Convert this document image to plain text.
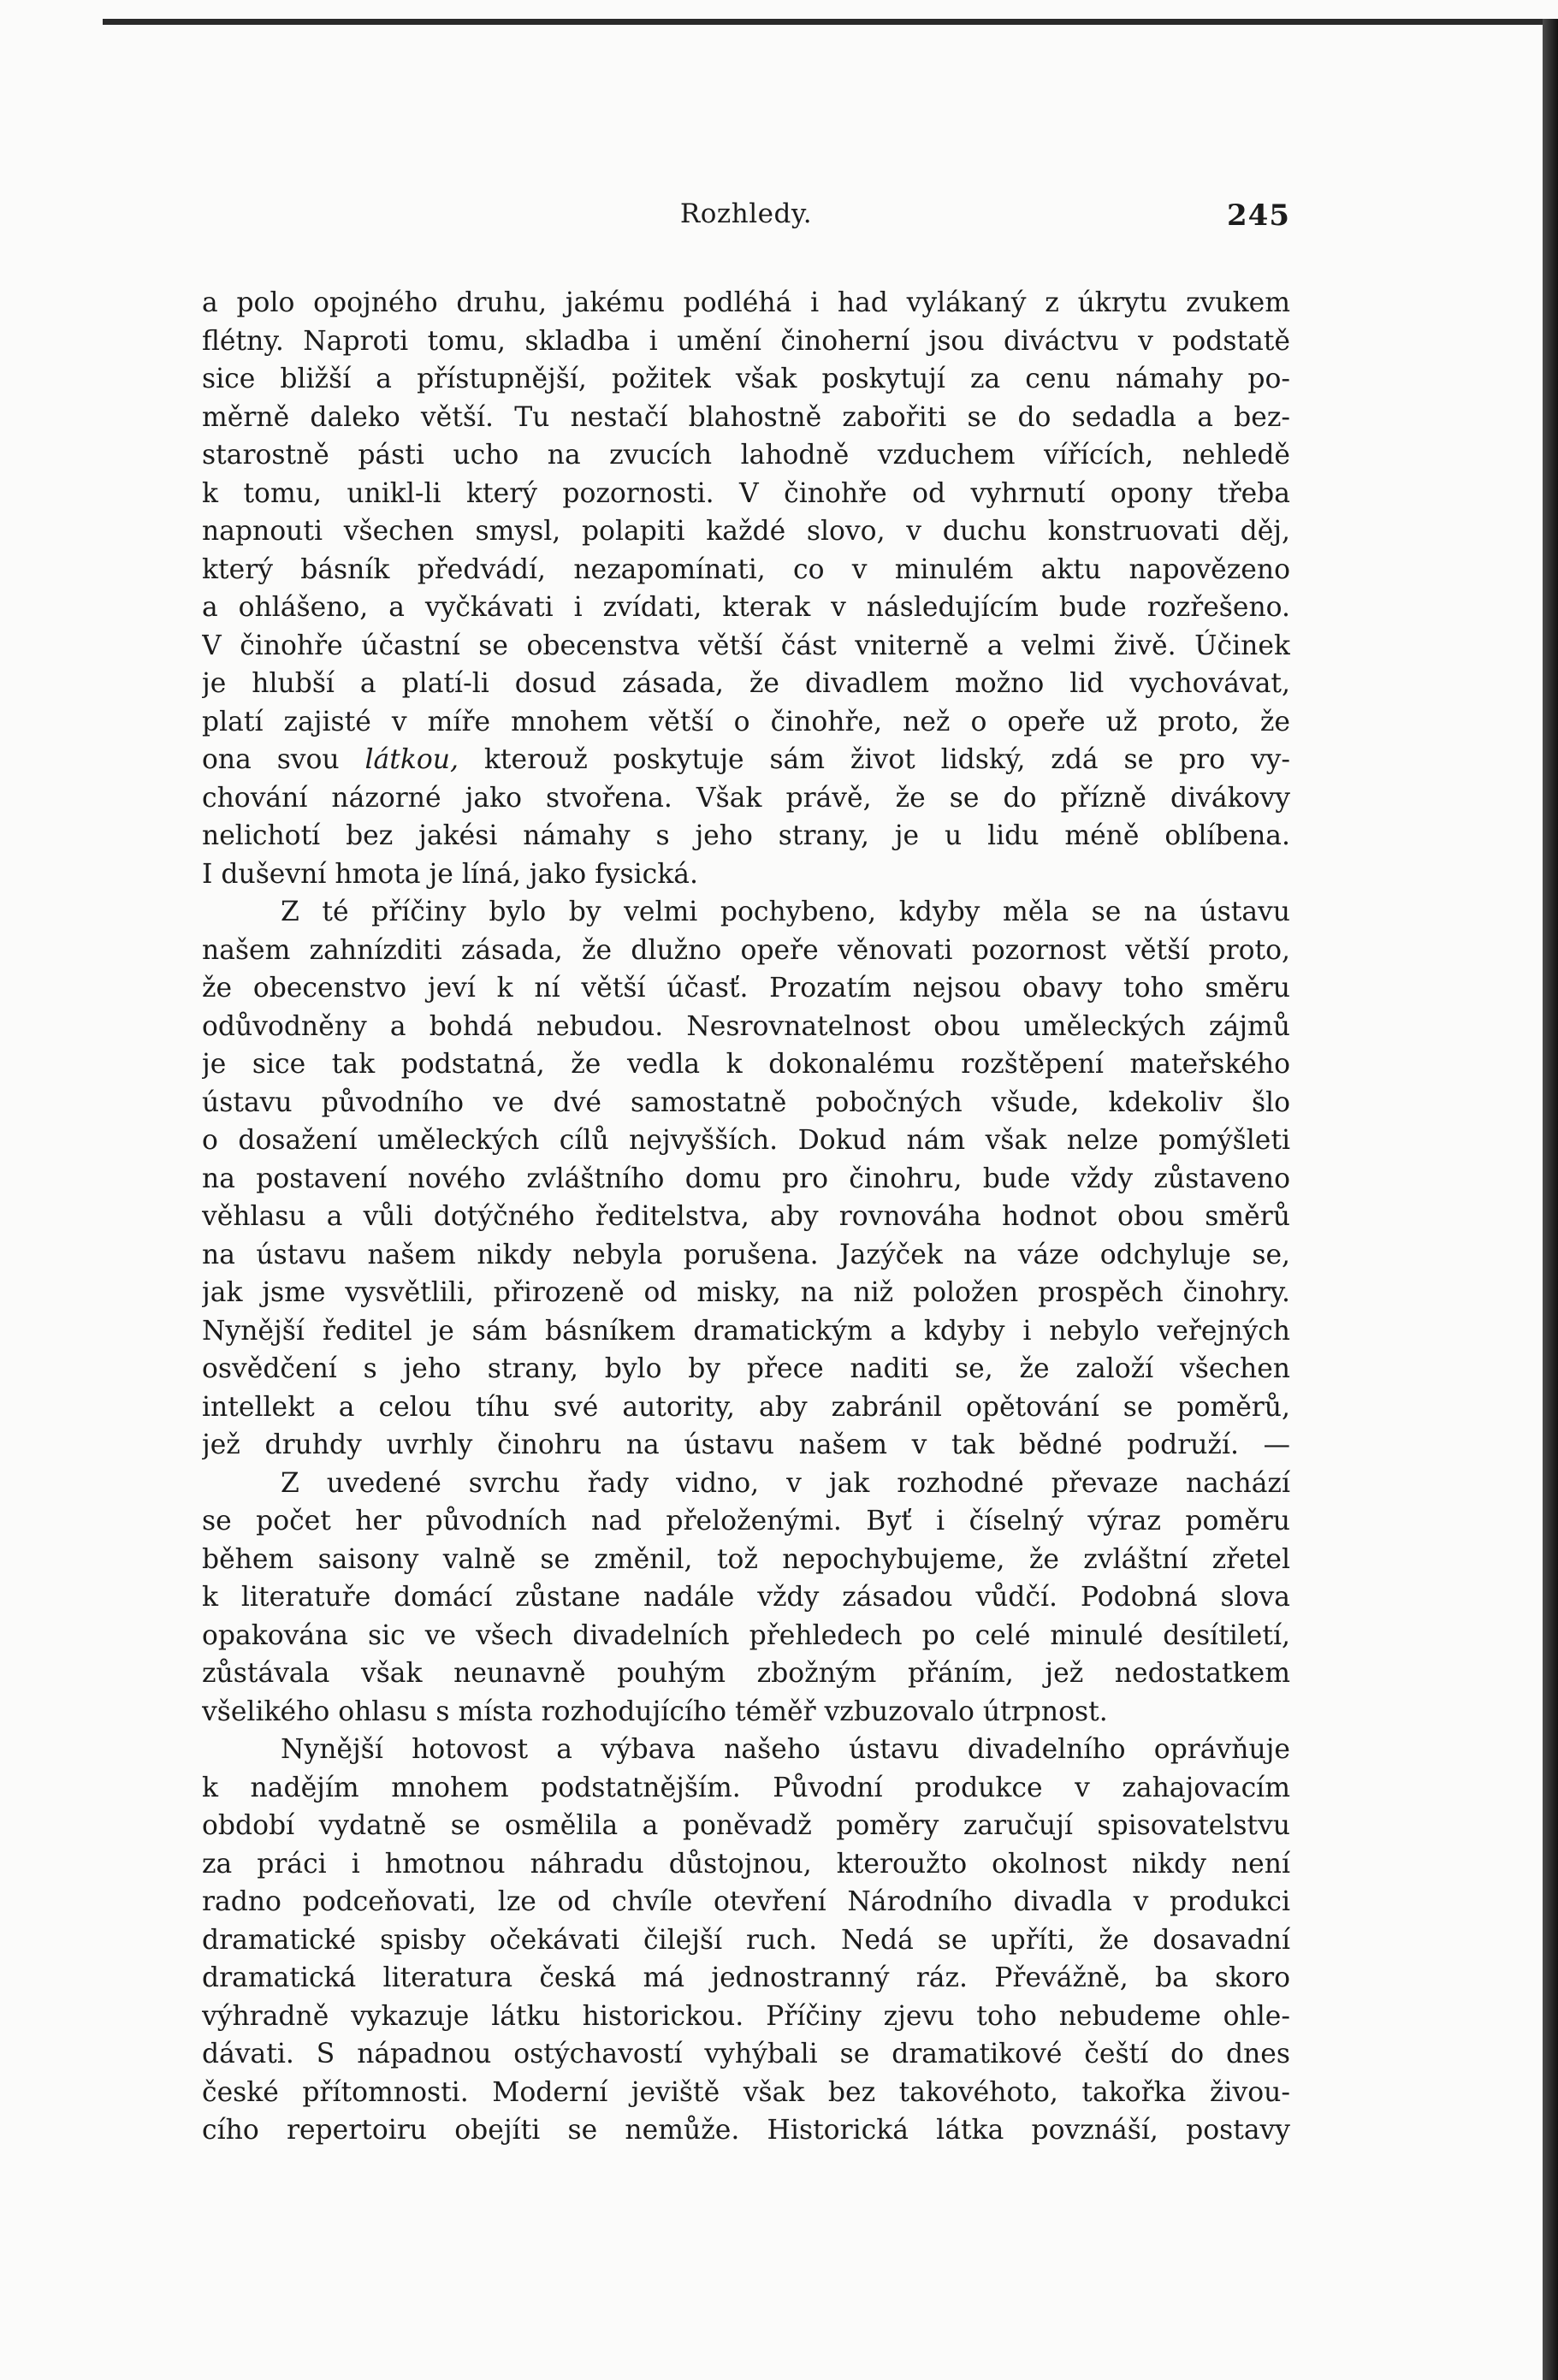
Rozhledy.	245
a polo opojného druhu, jakému podléhá i had vylákaný z úkrytu zvukem
flétny. Naproti tomu, skladba i umění činoherní jsou diváctvu v podstatě
sice bližší a přístupnější, požitek však poskytují za cenu námahy po-
měrně daleko větší. Tu nestačí blahostně zabořiti se do sedadla a bez-
starostně pásti ucho na zvucích lahodně vzduchem vířících, nehledě
k tomu, unikl-li který pozornosti. V činohře od vyhrnutí opony třeba
napnouti všechen smysl, polapiti každé slovo, v duchu konstruovati děj,
který básník předvádí, nezapomínati, co v minulém aktu napovězeno
a ohlášeno, a vyčkávati i zvídati, kterak v následujícím bude rozřešeno.
V činohře účastní se obecenstva větší část vniterně a velmi živě. Účinek
je hlubší a platí-li dosud zásada, že divadlem možno lid vychovávat,
platí zajisté v míře mnohem větší o činohře, než o opeře už proto, že
ona svou látkou, kterouž poskytuje sám život lidský, zdá se pro vy-
chování názorné jako stvořena. Však právě, že se do přízně divákovy
nelichotí bez jakési námahy s jeho strany, je u lidu méně oblíbena.
I duševní hmota je líná, jako fysická.
Z té příčiny bylo by velmi pochybeno, kdyby měla se na ústavu
našem zahnízditi zásada, že dlužno opeře věnovati pozornost větší proto,
že obecenstvo jeví k ní větší účasť. Prozatím nejsou obavy toho směru
odůvodněny a bohdá nebudou. Nesrovnatelnost obou uměleckých zájmů
je sice tak podstatná, že vedla k dokonalému rozštěpení mateřského
ústavu původního ve dvé samostatně pobočných všude, kdekoliv šlo
o dosažení uměleckých cílů nejvyšších. Dokud nám však nelze pomýšleti
na postavení nového zvláštního domu pro činohru, bude vždy zůstaveno
věhlasu a vůli dotýčného ředitelstva, aby rovnováha hodnot obou směrů
na ústavu našem nikdy nebyla porušena. Jazýček na váze odchyluje se,
jak jsme vysvětlili, přirozeně od misky, na niž položen prospěch činohry.
Nynější ředitel je sám básníkem dramatickým a kdyby i nebylo veřejných
osvědčení s jeho strany, bylo by přece naditi se, že založí všechen
intellekt a celou tíhu své autority, aby zabránil opětování se poměrů,
jež druhdy uvrhly činohru na ústavu našem v tak bědné podruží. —
Z uvedené svrchu řady vidno, v jak rozhodné převaze nachází
se počet her původních nad přeloženými. Byť i číselný výraz poměru
během saisony valně se změnil, tož nepochybujeme, že zvláštní zřetel
k literatuře domácí zůstane nadále vždy zásadou vůdčí. Podobná slova
opakována sic ve všech divadelních přehledech po celé minulé desítiletí,
zůstávala však neunavně pouhým zbožným přáním, jež nedostatkem
všelikého ohlasu s místa rozhodujícího téměř vzbuzovalo útrpnost.
Nynější hotovost a výbava našeho ústavu divadelního oprávňuje
k nadějím mnohem podstatnějším. Původní produkce v zahajovacím
období vydatně se osmělila a poněvadž poměry zaručují spisovatelstvu
za práci i hmotnou náhradu důstojnou, kteroužto okolnost nikdy není
radno podceňovati, lze od chvíle otevření Národního divadla v produkci
dramatické spisby očekávati čilejší ruch. Nedá se upříti, že dosavadní
dramatická literatura česká má jednostranný ráz. Převážně, ba skoro
výhradně vykazuje látku historickou. Příčiny zjevu toho nebudeme ohle-
dávati. S nápadnou ostýchavostí vyhýbali se dramatikové čeští do dnes
české přítomnosti. Moderní jeviště však bez takovéhoto, takořka živou-
cího repertoiru obejíti se nemůže. Historická látka povznáší, postavy
